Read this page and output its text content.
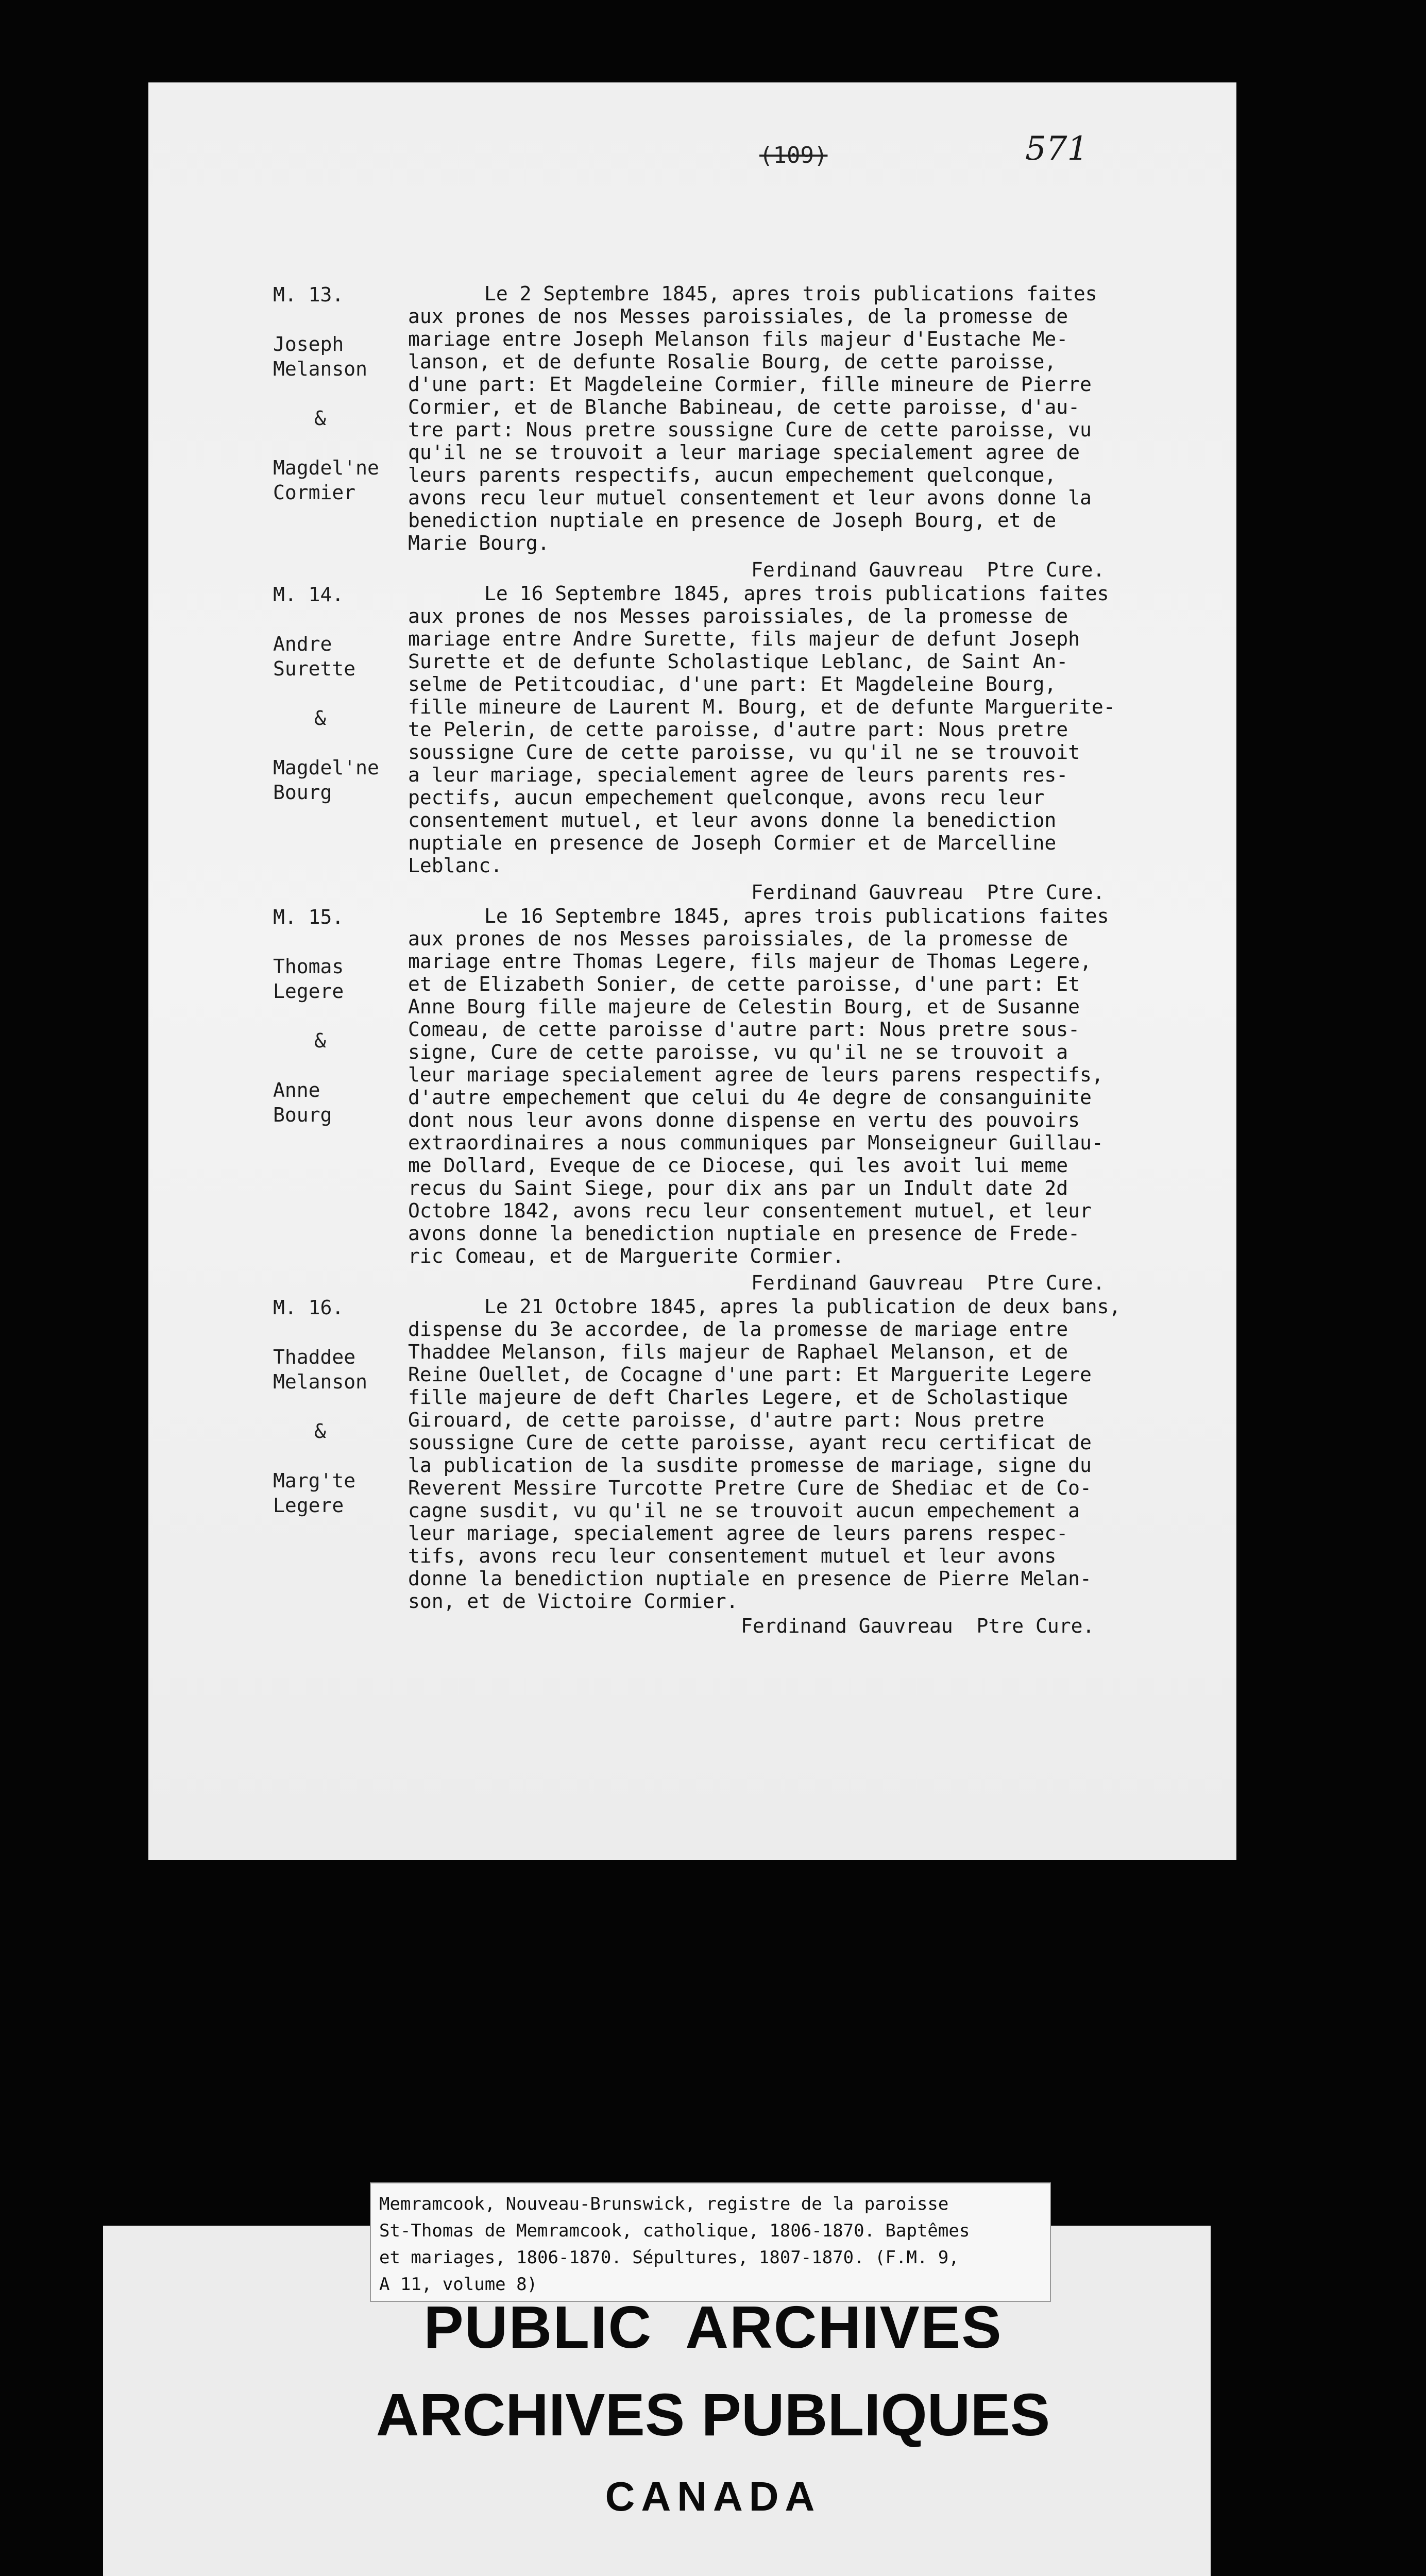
(109)	571
M. 13.

Joseph
Melanson

&

Magdel'ne
Cormier
Le 2 Septembre 1845, apres trois publications faites
aux prones de nos Messes paroissiales, de la promesse de
mariage entre Joseph Melanson fils majeur d'Eustache Me-
lanson, et de defunte Rosalie Bourg, de cette paroisse,
d'une part: Et Magdeleine Cormier, fille mineure de Pierre
Cormier, et de Blanche Babineau, de cette paroisse, d'au-
tre part: Nous pretre soussigne Cure de cette paroisse, vu
qu'il ne se trouvoit a leur mariage specialement agree de
leurs parents respectifs, aucun empechement quelconque,
avons recu leur mutuel consentement et leur avons donne la
benediction nuptiale en presence de Joseph Bourg, et de
Marie Bourg.
Ferdinand Gauvreau  Ptre Cure.
M. 14.

Andre
Surette

&

Magdel'ne
Bourg
Le 16 Septembre 1845, apres trois publications faites
aux prones de nos Messes paroissiales, de la promesse de
mariage entre Andre Surette, fils majeur de defunt Joseph
Surette et de defunte Scholastique Leblanc, de Saint An-
selme de Petitcoudiac, d'une part: Et Magdeleine Bourg,
fille mineure de Laurent M. Bourg, et de defunte Marguerite-
te Pelerin, de cette paroisse, d'autre part: Nous pretre
soussigne Cure de cette paroisse, vu qu'il ne se trouvoit
a leur mariage, specialement agree de leurs parents res-
pectifs, aucun empechement quelconque, avons recu leur
consentement mutuel, et leur avons donne la benediction
nuptiale en presence de Joseph Cormier et de Marcelline
Leblanc.
Ferdinand Gauvreau  Ptre Cure.
M. 15.

Thomas
Legere

&

Anne
Bourg
Le 16 Septembre 1845, apres trois publications faites
aux prones de nos Messes paroissiales, de la promesse de
mariage entre Thomas Legere, fils majeur de Thomas Legere,
et de Elizabeth Sonier, de cette paroisse, d'une part: Et
Anne Bourg fille majeure de Celestin Bourg, et de Susanne
Comeau, de cette paroisse d'autre part: Nous pretre sous-
signe, Cure de cette paroisse, vu qu'il ne se trouvoit a
leur mariage specialement agree de leurs parens respectifs,
d'autre empechement que celui du 4e degre de consanguinite
dont nous leur avons donne dispense en vertu des pouvoirs
extraordinaires a nous communiques par Monseigneur Guillau-
me Dollard, Eveque de ce Diocese, qui les avoit lui meme
recus du Saint Siege, pour dix ans par un Indult date 2d
Octobre 1842, avons recu leur consentement mutuel, et leur
avons donne la benediction nuptiale en presence de Frede-
ric Comeau, et de Marguerite Cormier.
Ferdinand Gauvreau  Ptre Cure.
M. 16.

Thaddee
Melanson

&

Marg'te
Legere
Le 21 Octobre 1845, apres la publication de deux bans,
dispense du 3e accordee, de la promesse de mariage entre
Thaddee Melanson, fils majeur de Raphael Melanson, et de
Reine Ouellet, de Cocagne d'une part: Et Marguerite Legere
fille majeure de deft Charles Legere, et de Scholastique
Girouard, de cette paroisse, d'autre part: Nous pretre
soussigne Cure de cette paroisse, ayant recu certificat de
la publication de la susdite promesse de mariage, signe du
Reverent Messire Turcotte Pretre Cure de Shediac et de Co-
cagne susdit, vu qu'il ne se trouvoit aucun empechement a
leur mariage, specialement agree de leurs parens respec-
tifs, avons recu leur consentement mutuel et leur avons
donne la benediction nuptiale en presence de Pierre Melan-
son, et de Victoire Cormier.
Ferdinand Gauvreau  Ptre Cure.
Memramcook, Nouveau-Brunswick, registre de la paroisse
St-Thomas de Memramcook, catholique, 1806-1870. Baptêmes
et mariages, 1806-1870. Sépultures, 1807-1870. (F.M. 9,
A 11, volume 8)
PUBLIC  ARCHIVES
ARCHIVES PUBLIQUES
CANADA
